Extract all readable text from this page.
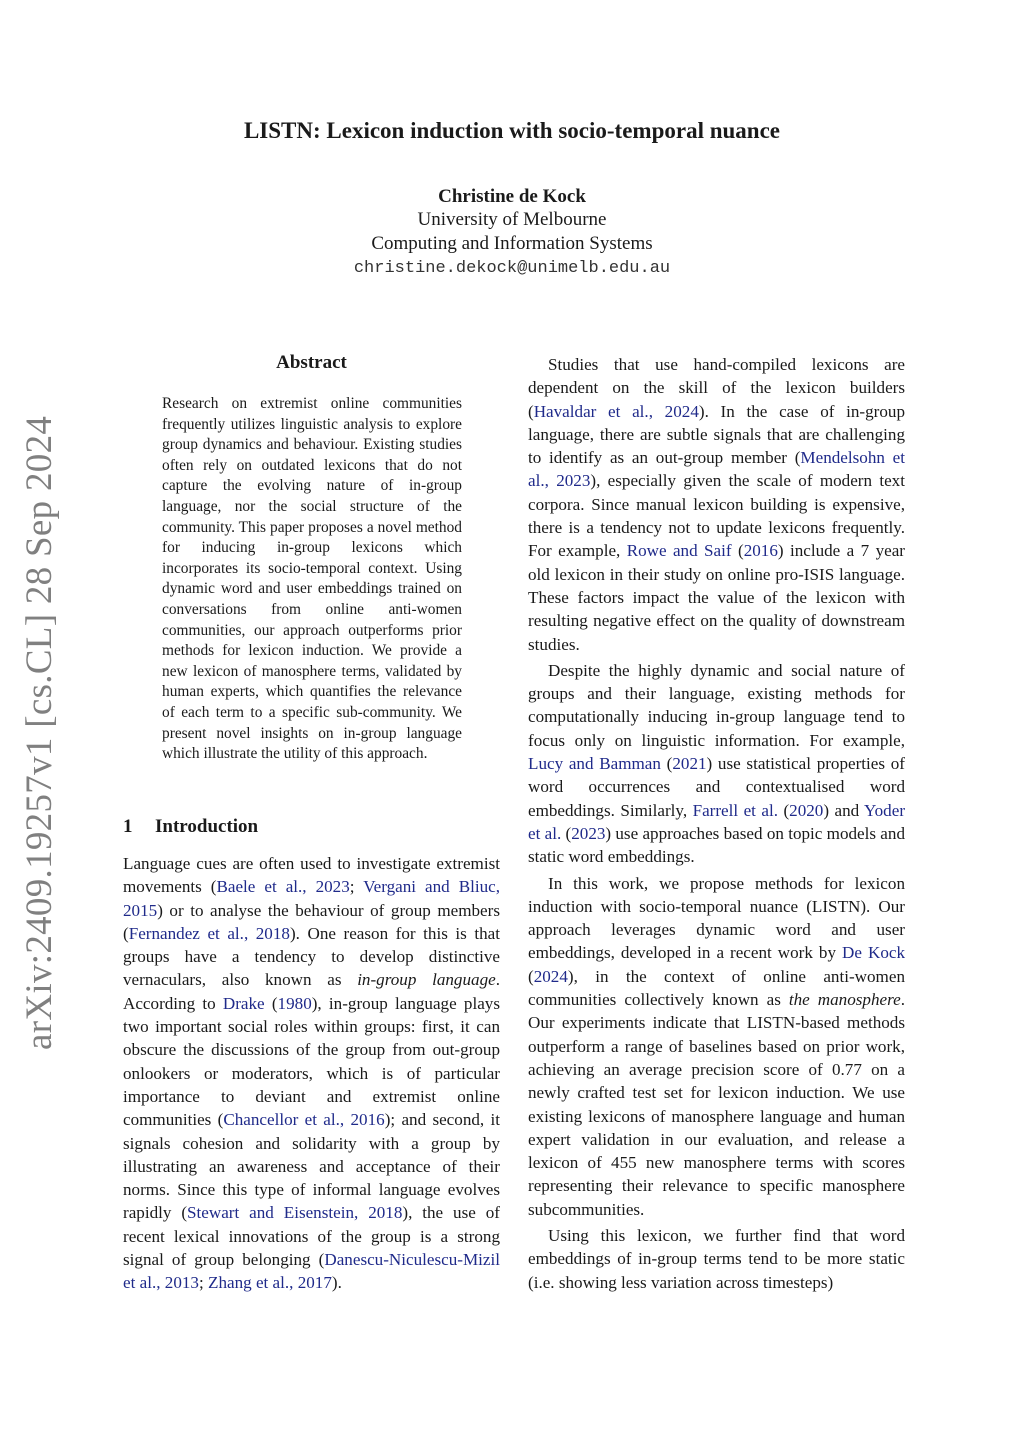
arXiv:2409.19257v1 [cs.CL] 28 Sep 2024
LISTN: Lexicon induction with socio-temporal nuance
Christine de Kock
University of Melbourne
Computing and Information Systems
christine.dekock@unimelb.edu.au
Abstract
Research on extremist online communities frequently utilizes linguistic analysis to explore group dynamics and behaviour. Existing studies often rely on outdated lexicons that do not capture the evolving nature of in-group language, nor the social structure of the community. This paper proposes a novel method for inducing in-group lexicons which incorporates its socio-temporal context. Using dynamic word and user embeddings trained on conversations from online anti-women communities, our approach outperforms prior methods for lexicon induction. We provide a new lexicon of manosphere terms, validated by human experts, which quantifies the relevance of each term to a specific sub-community. We present novel insights on in-group language which illustrate the utility of this approach.
1 Introduction

Language cues are often used to investigate extremist movements (Baele et al., 2023; Vergani and Bliuc, 2015) or to analyse the behaviour of group members (Fernandez et al., 2018). One reason for this is that groups have a tendency to develop distinctive vernaculars, also known as in-group language. According to Drake (1980), in-group language plays two important social roles within groups: first, it can obscure the discussions of the group from out-group onlookers or moderators, which is of particular importance to deviant and extremist online communities (Chancellor et al., 2016); and second, it signals cohesion and solidarity with a group by illustrating an awareness and acceptance of their norms. Since this type of informal language evolves rapidly (Stewart and Eisenstein, 2018), the use of recent lexical innovations of the group is a strong signal of group belonging (Danescu-Niculescu-Mizil et al., 2013; Zhang et al., 2017).

Studies that use hand-compiled lexicons are dependent on the skill of the lexicon builders (Havaldar et al., 2024). In the case of in-group language, there are subtle signals that are challenging to identify as an out-group member (Mendelsohn et al., 2023), especially given the scale of modern text corpora. Since manual lexicon building is expensive, there is a tendency not to update lexicons frequently. For example, Rowe and Saif (2016) include a 7 year old lexicon in their study on online pro-ISIS language. These factors impact the value of the lexicon with resulting negative effect on the quality of downstream studies.

Despite the highly dynamic and social nature of groups and their language, existing methods for computationally inducing in-group language tend to focus only on linguistic information. For example, Lucy and Bamman (2021) use statistical properties of word occurrences and contextualised word embeddings. Similarly, Farrell et al. (2020) and Yoder et al. (2023) use approaches based on topic models and static word embeddings.

In this work, we propose methods for lexicon induction with socio-temporal nuance (LISTN). Our approach leverages dynamic word and user embeddings, developed in a recent work by De Kock (2024), in the context of online anti-women communities collectively known as the manosphere. Our experiments indicate that LISTN-based methods outperform a range of baselines based on prior work, achieving an average precision score of 0.77 on a newly crafted test set for lexicon induction. We use existing lexicons of manosphere language and human expert validation in our evaluation, and release a lexicon of 455 new manosphere terms with scores representing their relevance to specific manosphere subcommunities.

Using this lexicon, we further find that word embeddings of in-group terms tend to be more static (i.e. showing less variation across timesteps)
